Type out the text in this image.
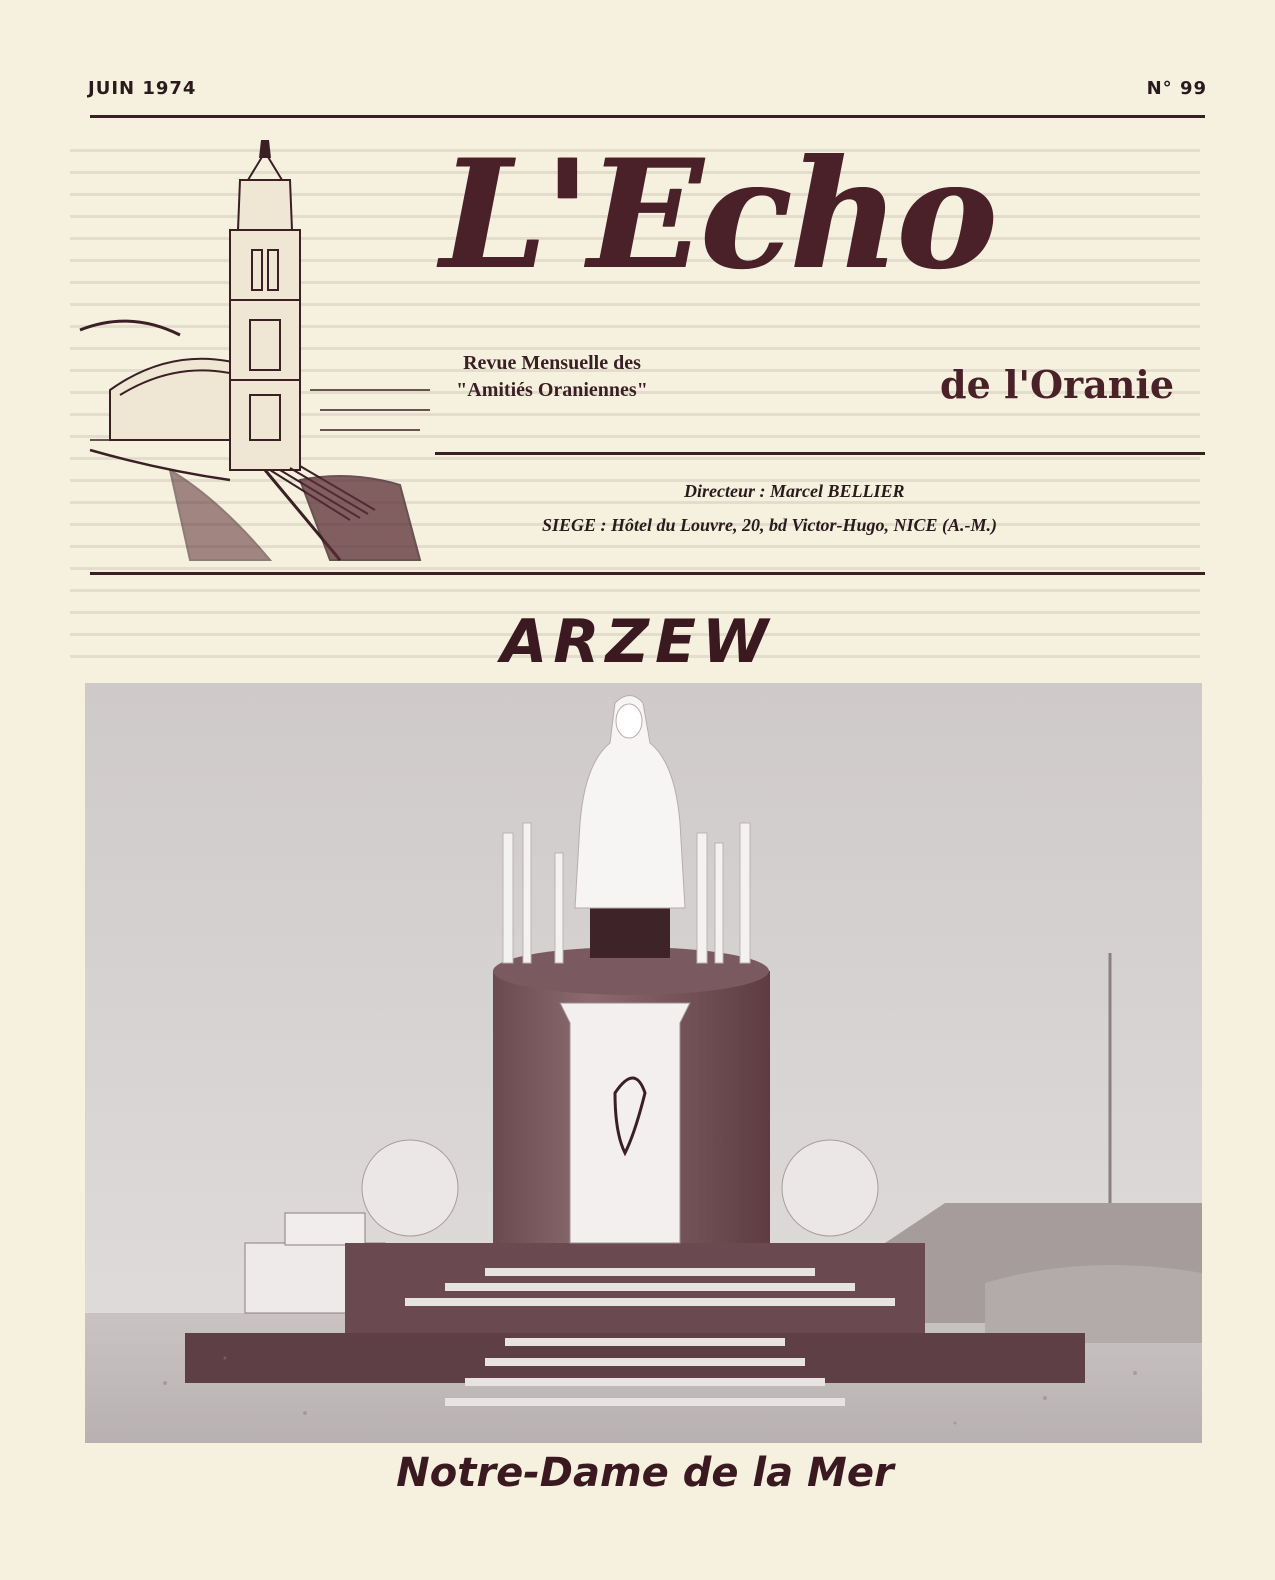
JUIN 1974	N° 99
L'Echo
Revue Mensuelle des
"Amitiés Oraniennes"	de l'Oranie
Directeur : Marcel BELLIER
SIEGE : Hôtel du Louvre, 20, bd Victor-Hugo, NICE (A.-M.)
ARZEW
Notre-Dame de la Mer
